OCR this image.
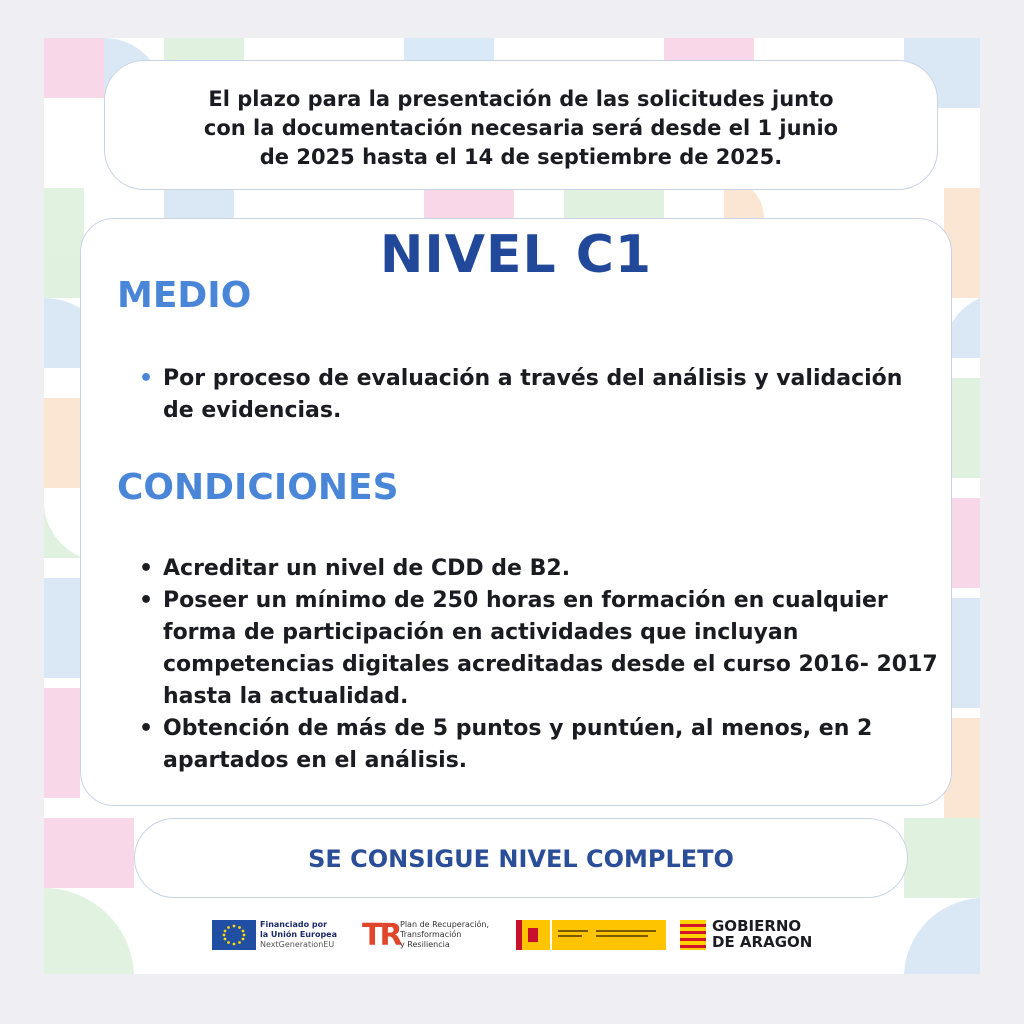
El plazo para la presentación de las solicitudes junto
con la documentación necesaria será desde el 1 junio
de 2025 hasta el 14 de septiembre de 2025.
NIVEL C1
MEDIO
• Por proceso de evaluación a través del análisis y validación de evidencias.
CONDICIONES
• Acreditar un nivel de CDD de B2.
• Poseer un mínimo de 250 horas en formación en cualquier forma de participación en actividades que incluyan competencias digitales acreditadas desde el curso 2016- 2017 hasta la actualidad.
• Obtención de más de 5 puntos y puntúen, al menos, en 2 apartados en el análisis.
SE CONSIGUE NIVEL COMPLETO
Financiado por
la Unión Europea
NextGenerationEU TR Plan de Recuperación,
Transformación
y Resiliencia
GOBIERNO
DE ARAGON
